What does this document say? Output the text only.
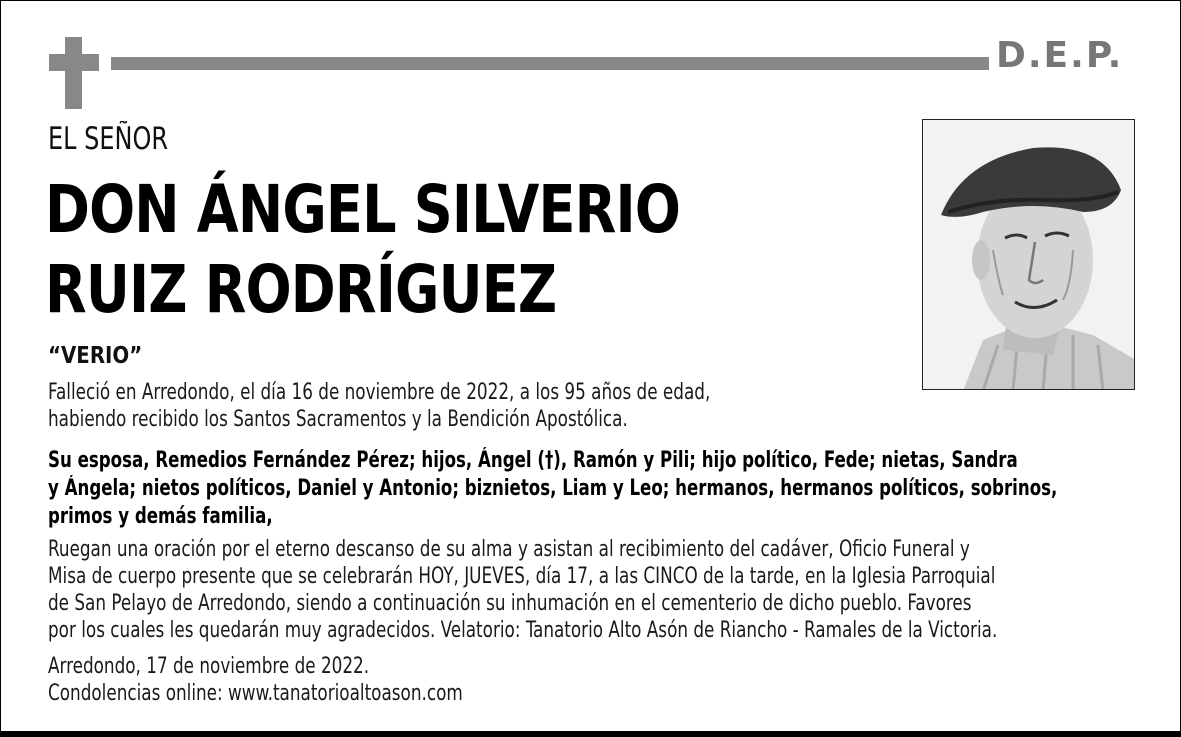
D.E.P.
EL SEÑOR
DON ÁNGEL SILVERIO
RUIZ RODRÍGUEZ
“VERIO”
Falleció en Arredondo, el día 16 de noviembre de 2022, a los 95 años de edad,
habiendo recibido los Santos Sacramentos y la Bendición Apostólica.
Su esposa, Remedios Fernández Pérez; hijos, Ángel (†), Ramón y Pili; hijo político, Fede; nietas, Sandra
y Ángela; nietos políticos, Daniel y Antonio; biznietos, Liam y Leo; hermanos, hermanos políticos, sobrinos,
primos y demás familia,
Ruegan una oración por el eterno descanso de su alma y asistan al recibimiento del cadáver, Oficio Funeral y
Misa de cuerpo presente que se celebrarán HOY, JUEVES, día 17, a las CINCO de la tarde, en la Iglesia Parroquial
de San Pelayo de Arredondo, siendo a continuación su inhumación en el cementerio de dicho pueblo. Favores
por los cuales les quedarán muy agradecidos. Velatorio: Tanatorio Alto Asón de Riancho - Ramales de la Victoria.
Arredondo, 17 de noviembre de 2022.
Condolencias online: www.tanatorioaltoason.com
